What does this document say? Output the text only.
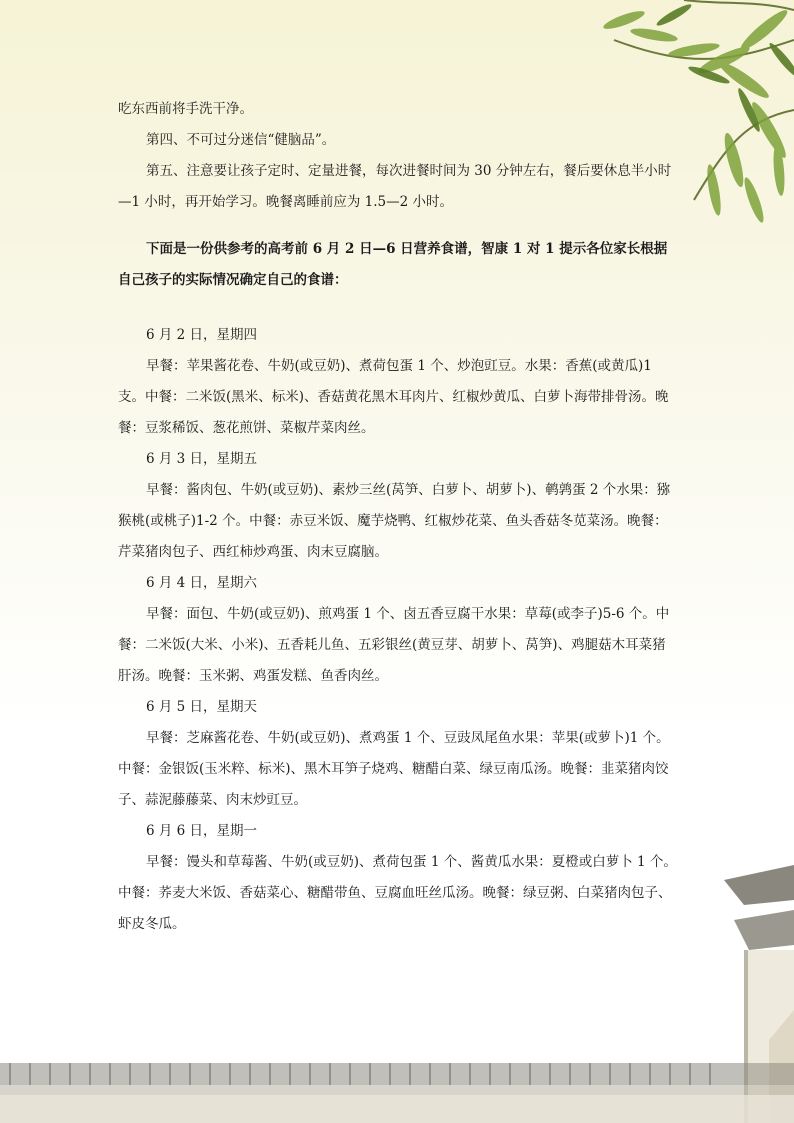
吃东西前将手洗干净。

第四、不可过分迷信“健脑品”。

第五、注意要让孩子定时、定量进餐，每次进餐时间为 30 分钟左右，餐后要休息半小时—1 小时，再开始学习。晚餐离睡前应为 1.5—2 小时。

下面是一份供参考的高考前 6 月 2 日—6 日营养食谱，智康 1 对 1 提示各位家长根据自己孩子的实际情况确定自己的食谱：

6 月 2 日，星期四

早餐：苹果酱花卷、牛奶(或豆奶)、煮荷包蛋 1 个、炒泡豇豆。水果：香蕉(或黄瓜)1 支。中餐：二米饭(黑米、标米)、香菇黄花黑木耳肉片、红椒炒黄瓜、白萝卜海带排骨汤。晚餐：豆浆稀饭、葱花煎饼、菜椒芹菜肉丝。

6 月 3 日，星期五

早餐：酱肉包、牛奶(或豆奶)、素炒三丝(莴笋、白萝卜、胡萝卜)、鹌鹑蛋 2 个水果：猕猴桃(或桃子)1-2 个。中餐：赤豆米饭、魔芋烧鸭、红椒炒花菜、鱼头香菇冬苋菜汤。晚餐：芹菜猪肉包子、西红柿炒鸡蛋、肉末豆腐脑。

6 月 4 日，星期六

早餐：面包、牛奶(或豆奶)、煎鸡蛋 1 个、卤五香豆腐干水果：草莓(或李子)5-6 个。中餐：二米饭(大米、小米)、五香耗儿鱼、五彩银丝(黄豆芽、胡萝卜、莴笋)、鸡腿菇木耳菜猪肝汤。晚餐：玉米粥、鸡蛋发糕、鱼香肉丝。

6 月 5 日，星期天

早餐：芝麻酱花卷、牛奶(或豆奶)、煮鸡蛋 1 个、豆豉凤尾鱼水果：苹果(或萝卜)1 个。中餐：金银饭(玉米粹、标米)、黑木耳笋子烧鸡、糖醋白菜、绿豆南瓜汤。晚餐：韭菜猪肉饺子、蒜泥藤藤菜、肉末炒豇豆。

6 月 6 日，星期一

早餐：馒头和草莓酱、牛奶(或豆奶)、煮荷包蛋 1 个、酱黄瓜水果：夏橙或白萝卜 1 个。中餐：荞麦大米饭、香菇菜心、糖醋带鱼、豆腐血旺丝瓜汤。晚餐：绿豆粥、白菜猪肉包子、虾皮冬瓜。
